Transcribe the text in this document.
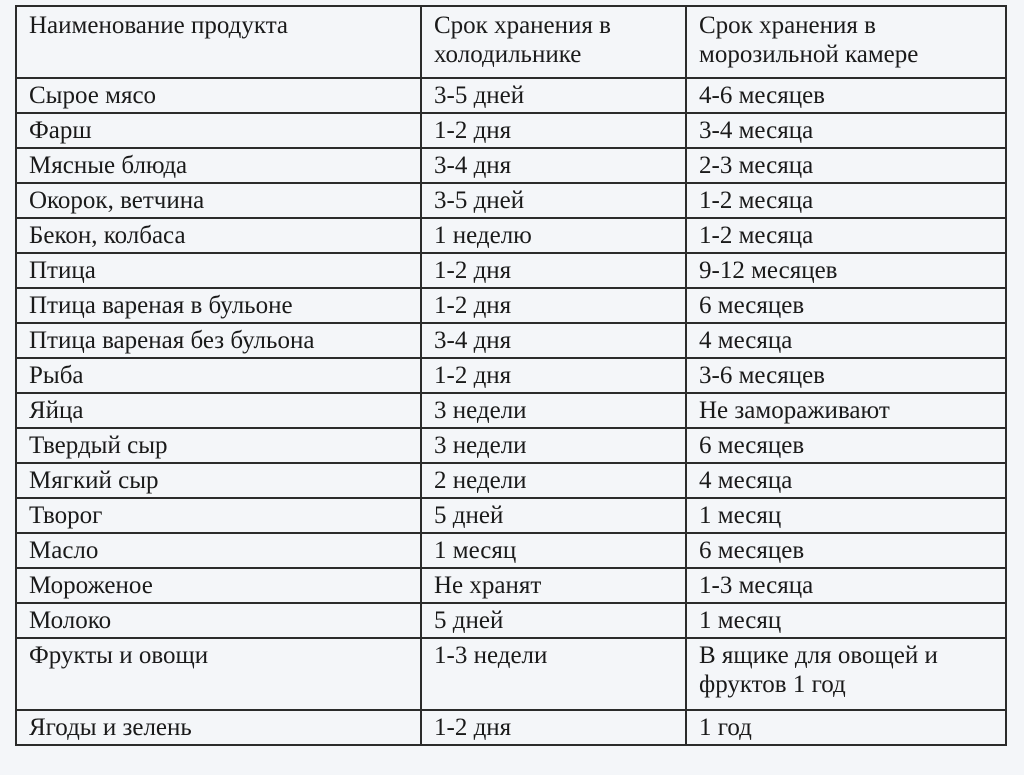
Наименование продукта	Срок хранения в холодильнике	Срок хранения в морозильной камере
Сырое мясо	3-5 дней	4-6 месяцев
Фарш	1-2 дня	3-4 месяца
Мясные блюда	3-4 дня	2-3 месяца
Окорок, ветчина	3-5 дней	1-2 месяца
Бекон, колбаса	1 неделю	1-2 месяца
Птица	1-2 дня	9-12 месяцев
Птица вареная в бульоне	1-2 дня	6 месяцев
Птица вареная без бульона	3-4 дня	4 месяца
Рыба	1-2 дня	3-6 месяцев
Яйца	3 недели	Не замораживают
Твердый сыр	3 недели	6 месяцев
Мягкий сыр	2 недели	4 месяца
Творог	5 дней	1 месяц
Масло	1 месяц	6 месяцев
Мороженое	Не хранят	1-3 месяца
Молоко	5 дней	1 месяц
Фрукты и овощи	1-3 недели	В ящике для овощей и фруктов 1 год
Ягоды и зелень	1-2 дня	1 год
